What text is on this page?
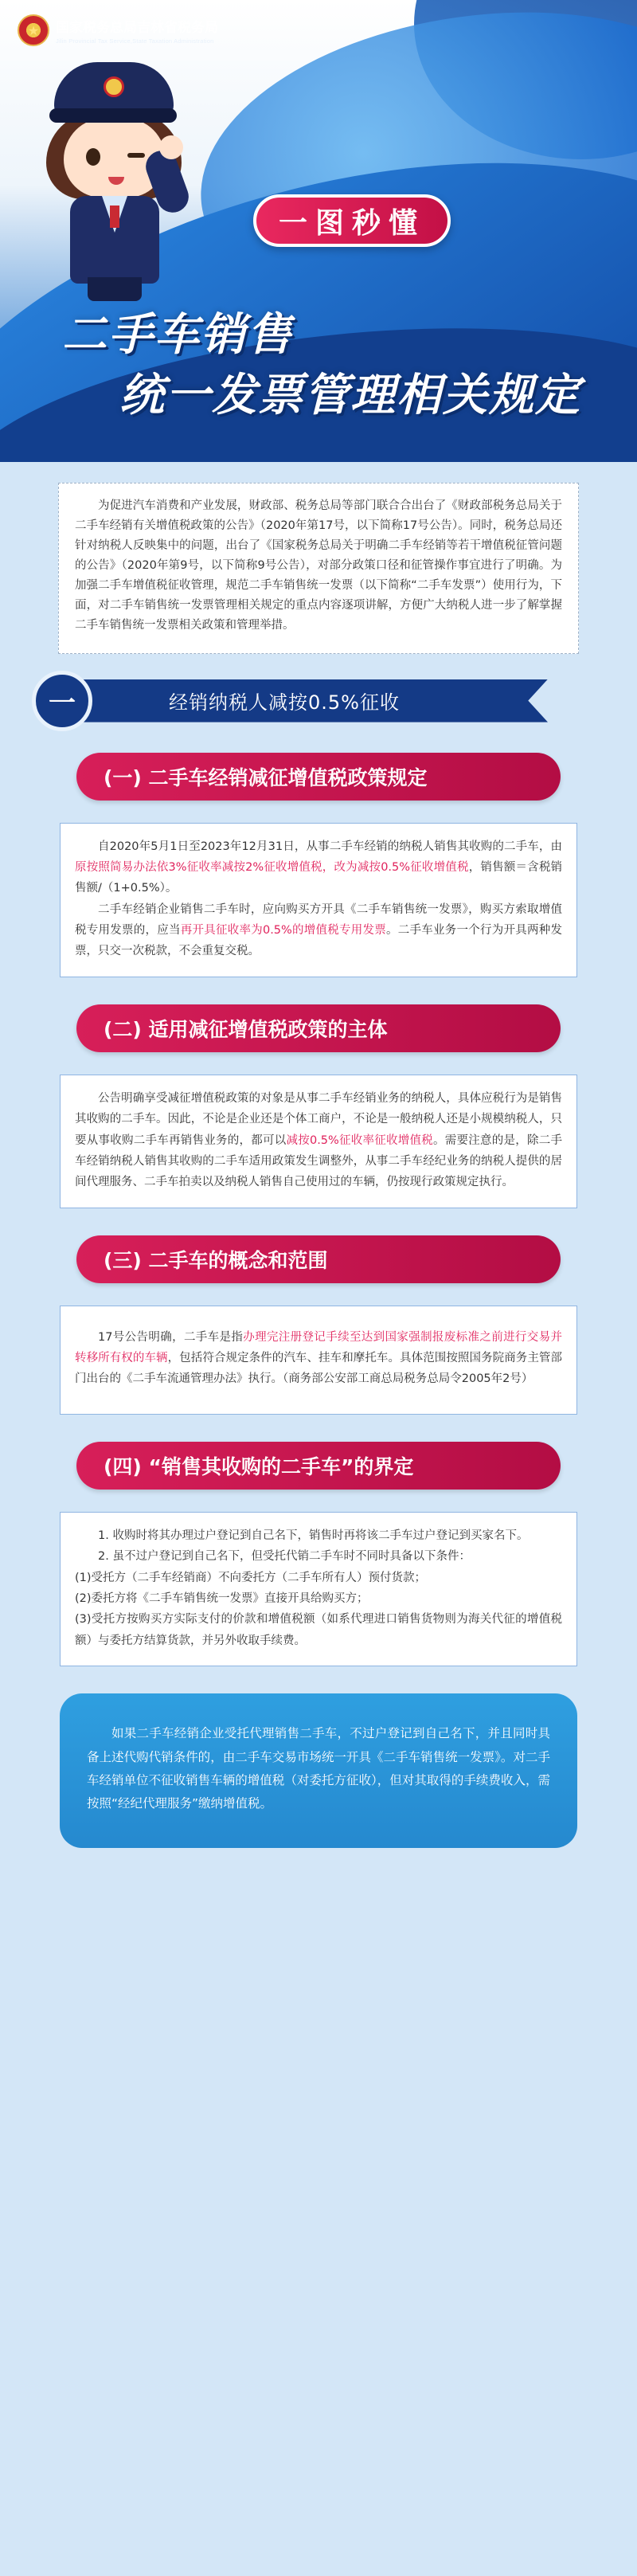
★	国家税务总局吉林省税务局
Jilin Provincial Tax Service,State Taxation Administration
一图秒懂
二手车销售
统一发票管理相关规定
为促进汽车消费和产业发展，财政部、税务总局等部门联合合出台了《财政部税务总局关于二手车经销有关增值税政策的公告》（2020年第17号，以下简称17号公告）。同时，税务总局还针对纳税人反映集中的问题，出台了《国家税务总局关于明确二手车经销等若干增值税征管问题的公告》（2020年第9号，以下简称9号公告），对部分政策口径和征管操作事宜进行了明确。为加强二手车增值税征收管理，规范二手车销售统一发票（以下简称“二手车发票”）使用行为，下面，对二手车销售统一发票管理相关规定的重点内容逐项讲解，方便广大纳税人进一步了解掌握二手车销售统一发票相关政策和管理举措。
一	经销纳税人减按0.5%征收
(一) 二手车经销减征增值税政策规定

自2020年5月1日至2023年12月31日，从事二手车经销的纳税人销售其收购的二手车，由原按照简易办法依3%征收率减按2%征收增值税，改为减按0.5%征收增值税，销售额＝含税销售额/（1+0.5%）。

二手车经销企业销售二手车时，应向购买方开具《二手车销售统一发票》，购买方索取增值税专用发票的，应当再开具征收率为0.5%的增值税专用发票。二手车业务一个行为开具两种发票，只交一次税款，不会重复交税。

(二) 适用减征增值税政策的主体

公告明确享受减征增值税政策的对象是从事二手车经销业务的纳税人，具体应税行为是销售其收购的二手车。因此，不论是企业还是个体工商户，不论是一般纳税人还是小规模纳税人，只要从事收购二手车再销售业务的，都可以减按0.5%征收率征收增值税。需要注意的是，除二手车经销纳税人销售其收购的二手车适用政策发生调整外，从事二手车经纪业务的纳税人提供的居间代理服务、二手车拍卖以及纳税人销售自己使用过的车辆，仍按现行政策规定执行。

(三) 二手车的概念和范围

17号公告明确，二手车是指办理完注册登记手续至达到国家强制报废标准之前进行交易并转移所有权的车辆，包括符合规定条件的汽车、挂车和摩托车。具体范围按照国务院商务主管部门出台的《二手车流通管理办法》执行。（商务部公安部工商总局税务总局令2005年2号）

(四) “销售其收购的二手车”的界定

1. 收购时将其办理过户登记到自己名下，销售时再将该二手车过户登记到买家名下。

2. 虽不过户登记到自己名下，但受托代销二手车时不同时具备以下条件：

(1)受托方（二手车经销商）不向委托方（二手车所有人）预付货款；

(2)委托方将《二手车销售统一发票》直接开具给购买方；

(3)受托方按购买方实际支付的价款和增值税额（如系代理进口销售货物则为海关代征的增值税额）与委托方结算货款，并另外收取手续费。

如果二手车经销企业受托代理销售二手车，不过户登记到自己名下，并且同时具备上述代购代销条件的，由二手车交易市场统一开具《二手车销售统一发票》。对二手车经销单位不征收销售车辆的增值税（对委托方征收），但对其取得的手续费收入，需按照“经纪代理服务”缴纳增值税。
